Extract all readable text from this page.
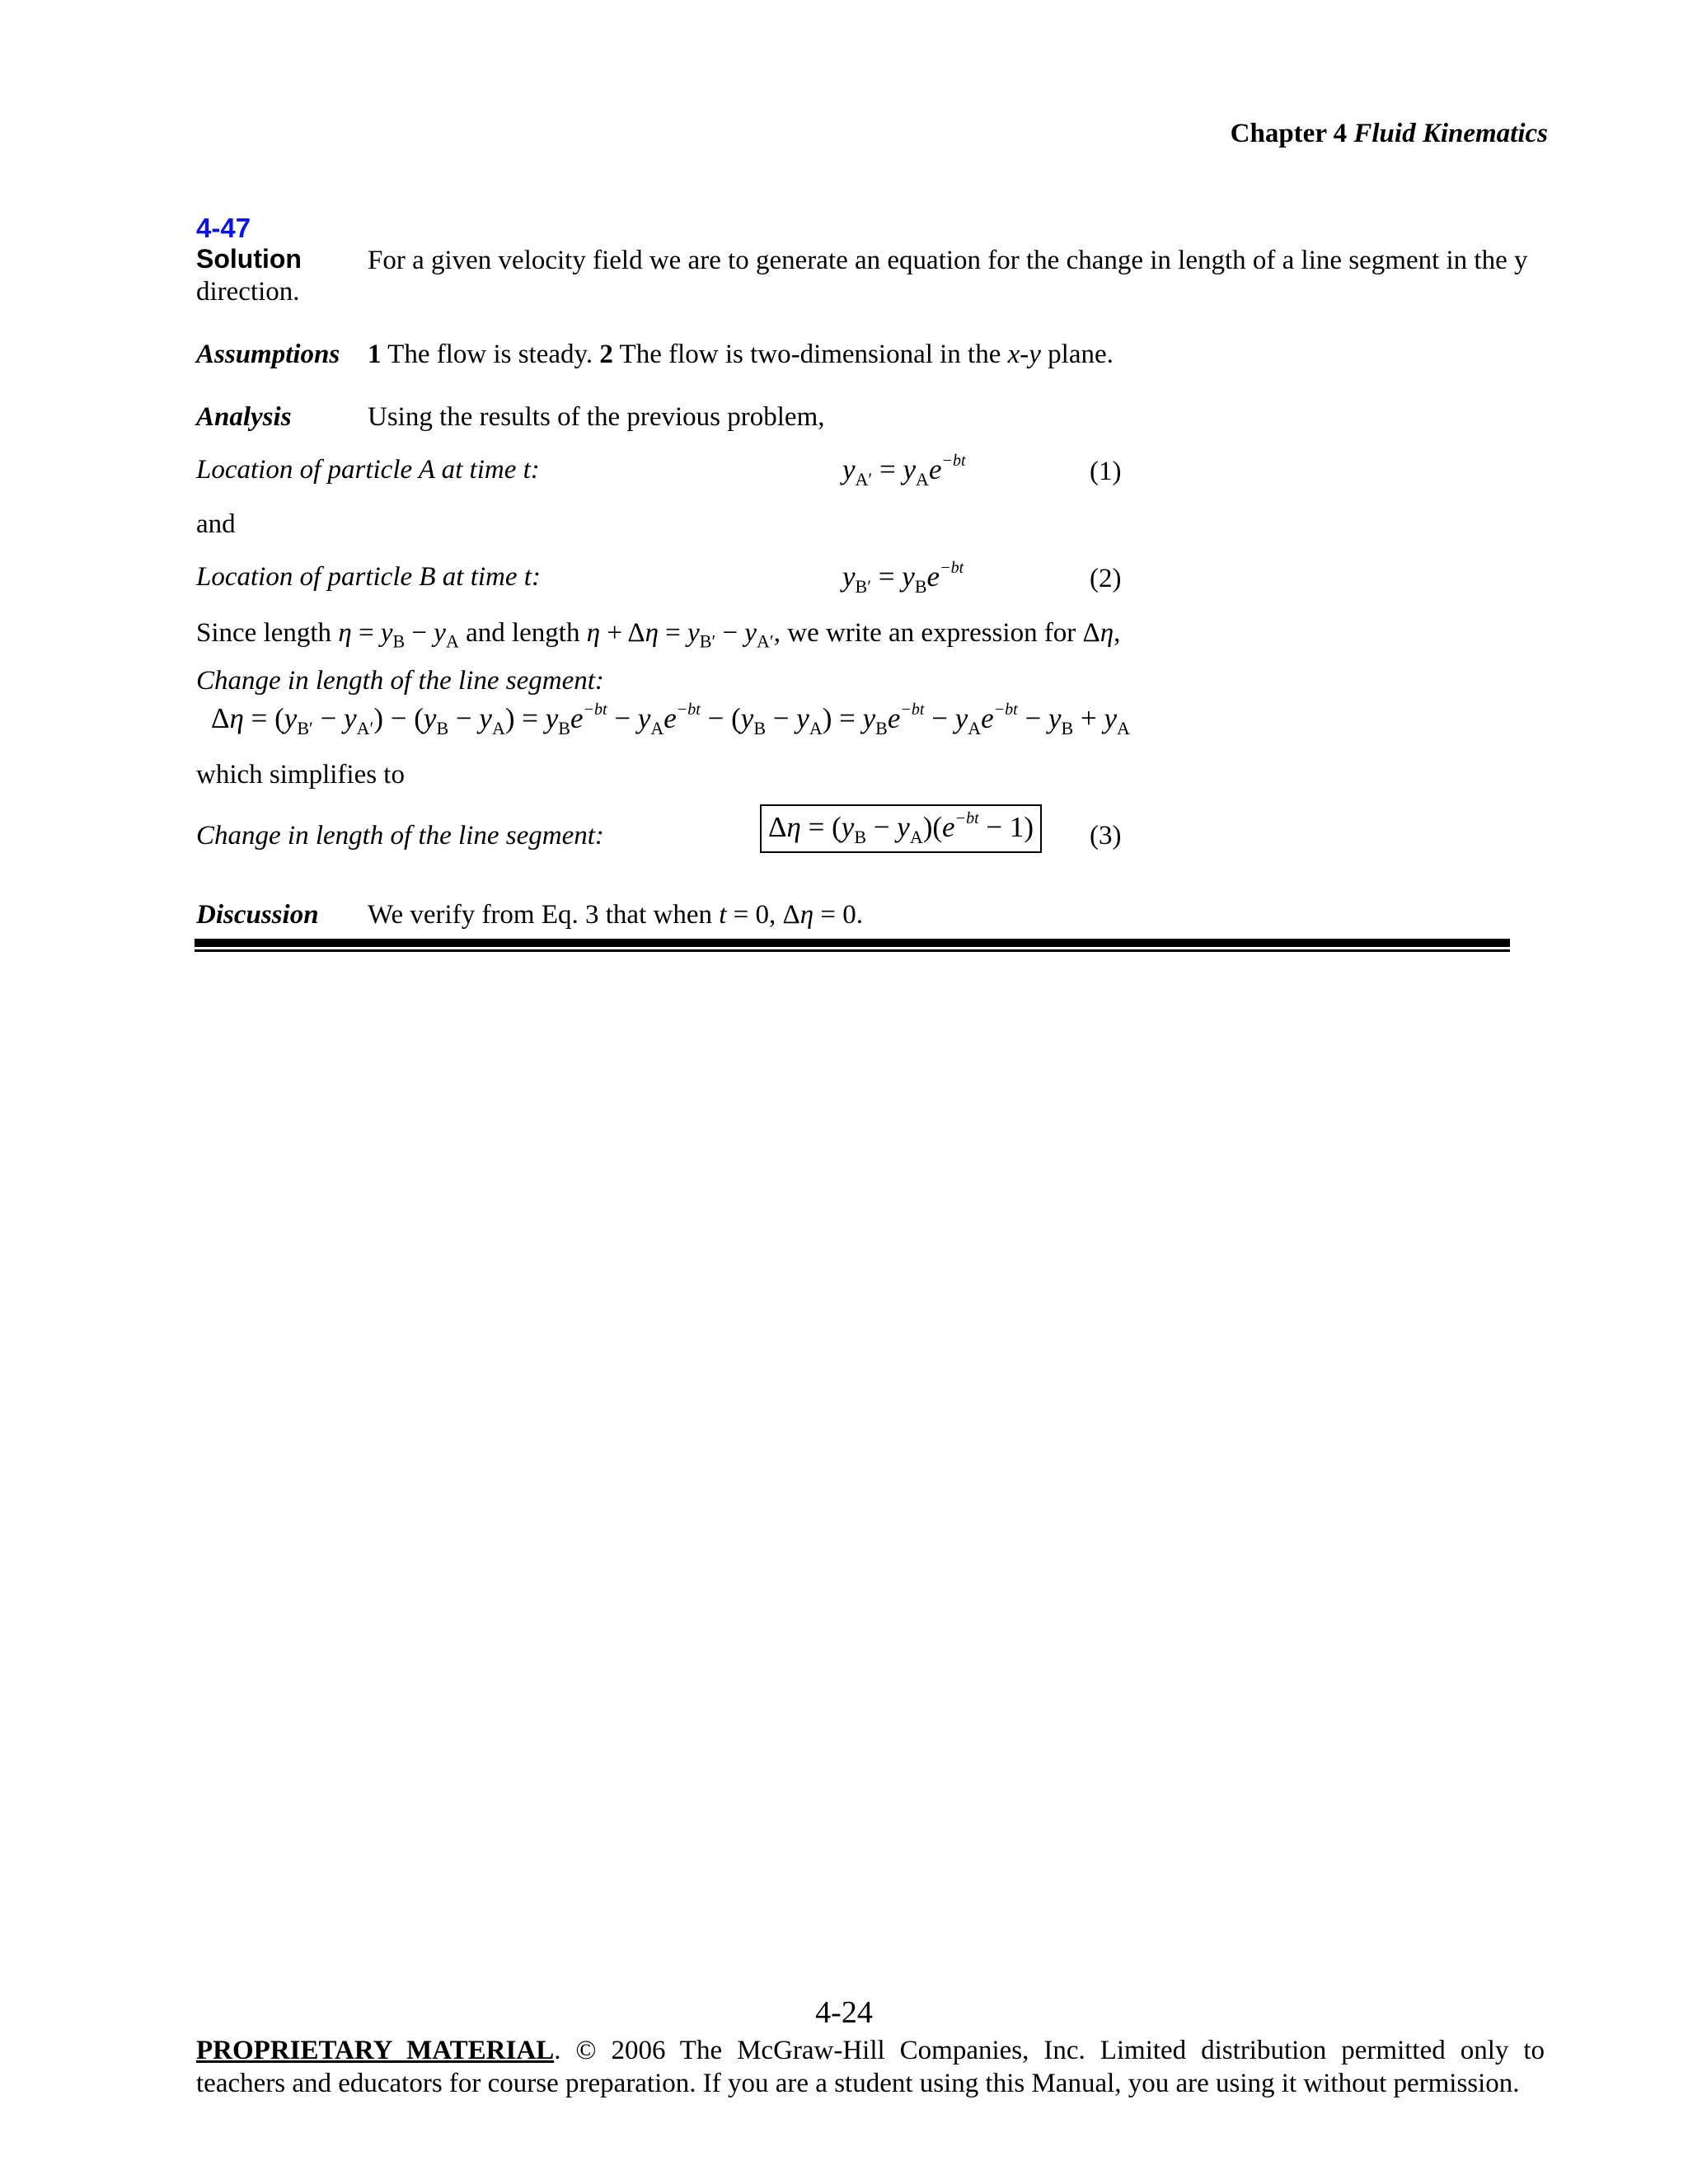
Chapter 4 Fluid Kinematics
4-47
Solution For a given velocity field we are to generate an equation for the change in length of a line segment in the y
direction.
Assumptions 1 The flow is steady. 2 The flow is two-dimensional in the x-y plane.
Analysis	Using the results of the previous problem,
Location of particle A at time t:	$y_{A'} = y_Ae^{-bt}$	(1)
and
Location of particle B at time t:	$y_{B'} = y_Be^{-bt}$	(2)
Since length $\eta = y_B - y_A$ and length $\eta + \Delta\eta = y_{B'} - y_{A'}$, we write an expression for Δη,
Change in length of the line segment:
$\Delta\eta = (y_{B'} - y_{A'}) - (y_B - y_A) = y_Be^{-bt} - y_Ae^{-bt} - (y_B - y_A) = y_Be^{-bt} - y_Ae^{-bt} - y_B + y_A$
which simplifies to
Change in length of the line segment:	$\Delta\eta = (y_B - y_A)(e^{-bt} - 1)$	(3)
Discussion We verify from Eq. 3 that when t = 0, Δη = 0.
4-24
PROPRIETARY MATERIAL. © 2006 The McGraw-Hill Companies, Inc. Limited distribution permitted only to
teachers and educators for course preparation. If you are a student using this Manual, you are using it without permission.
